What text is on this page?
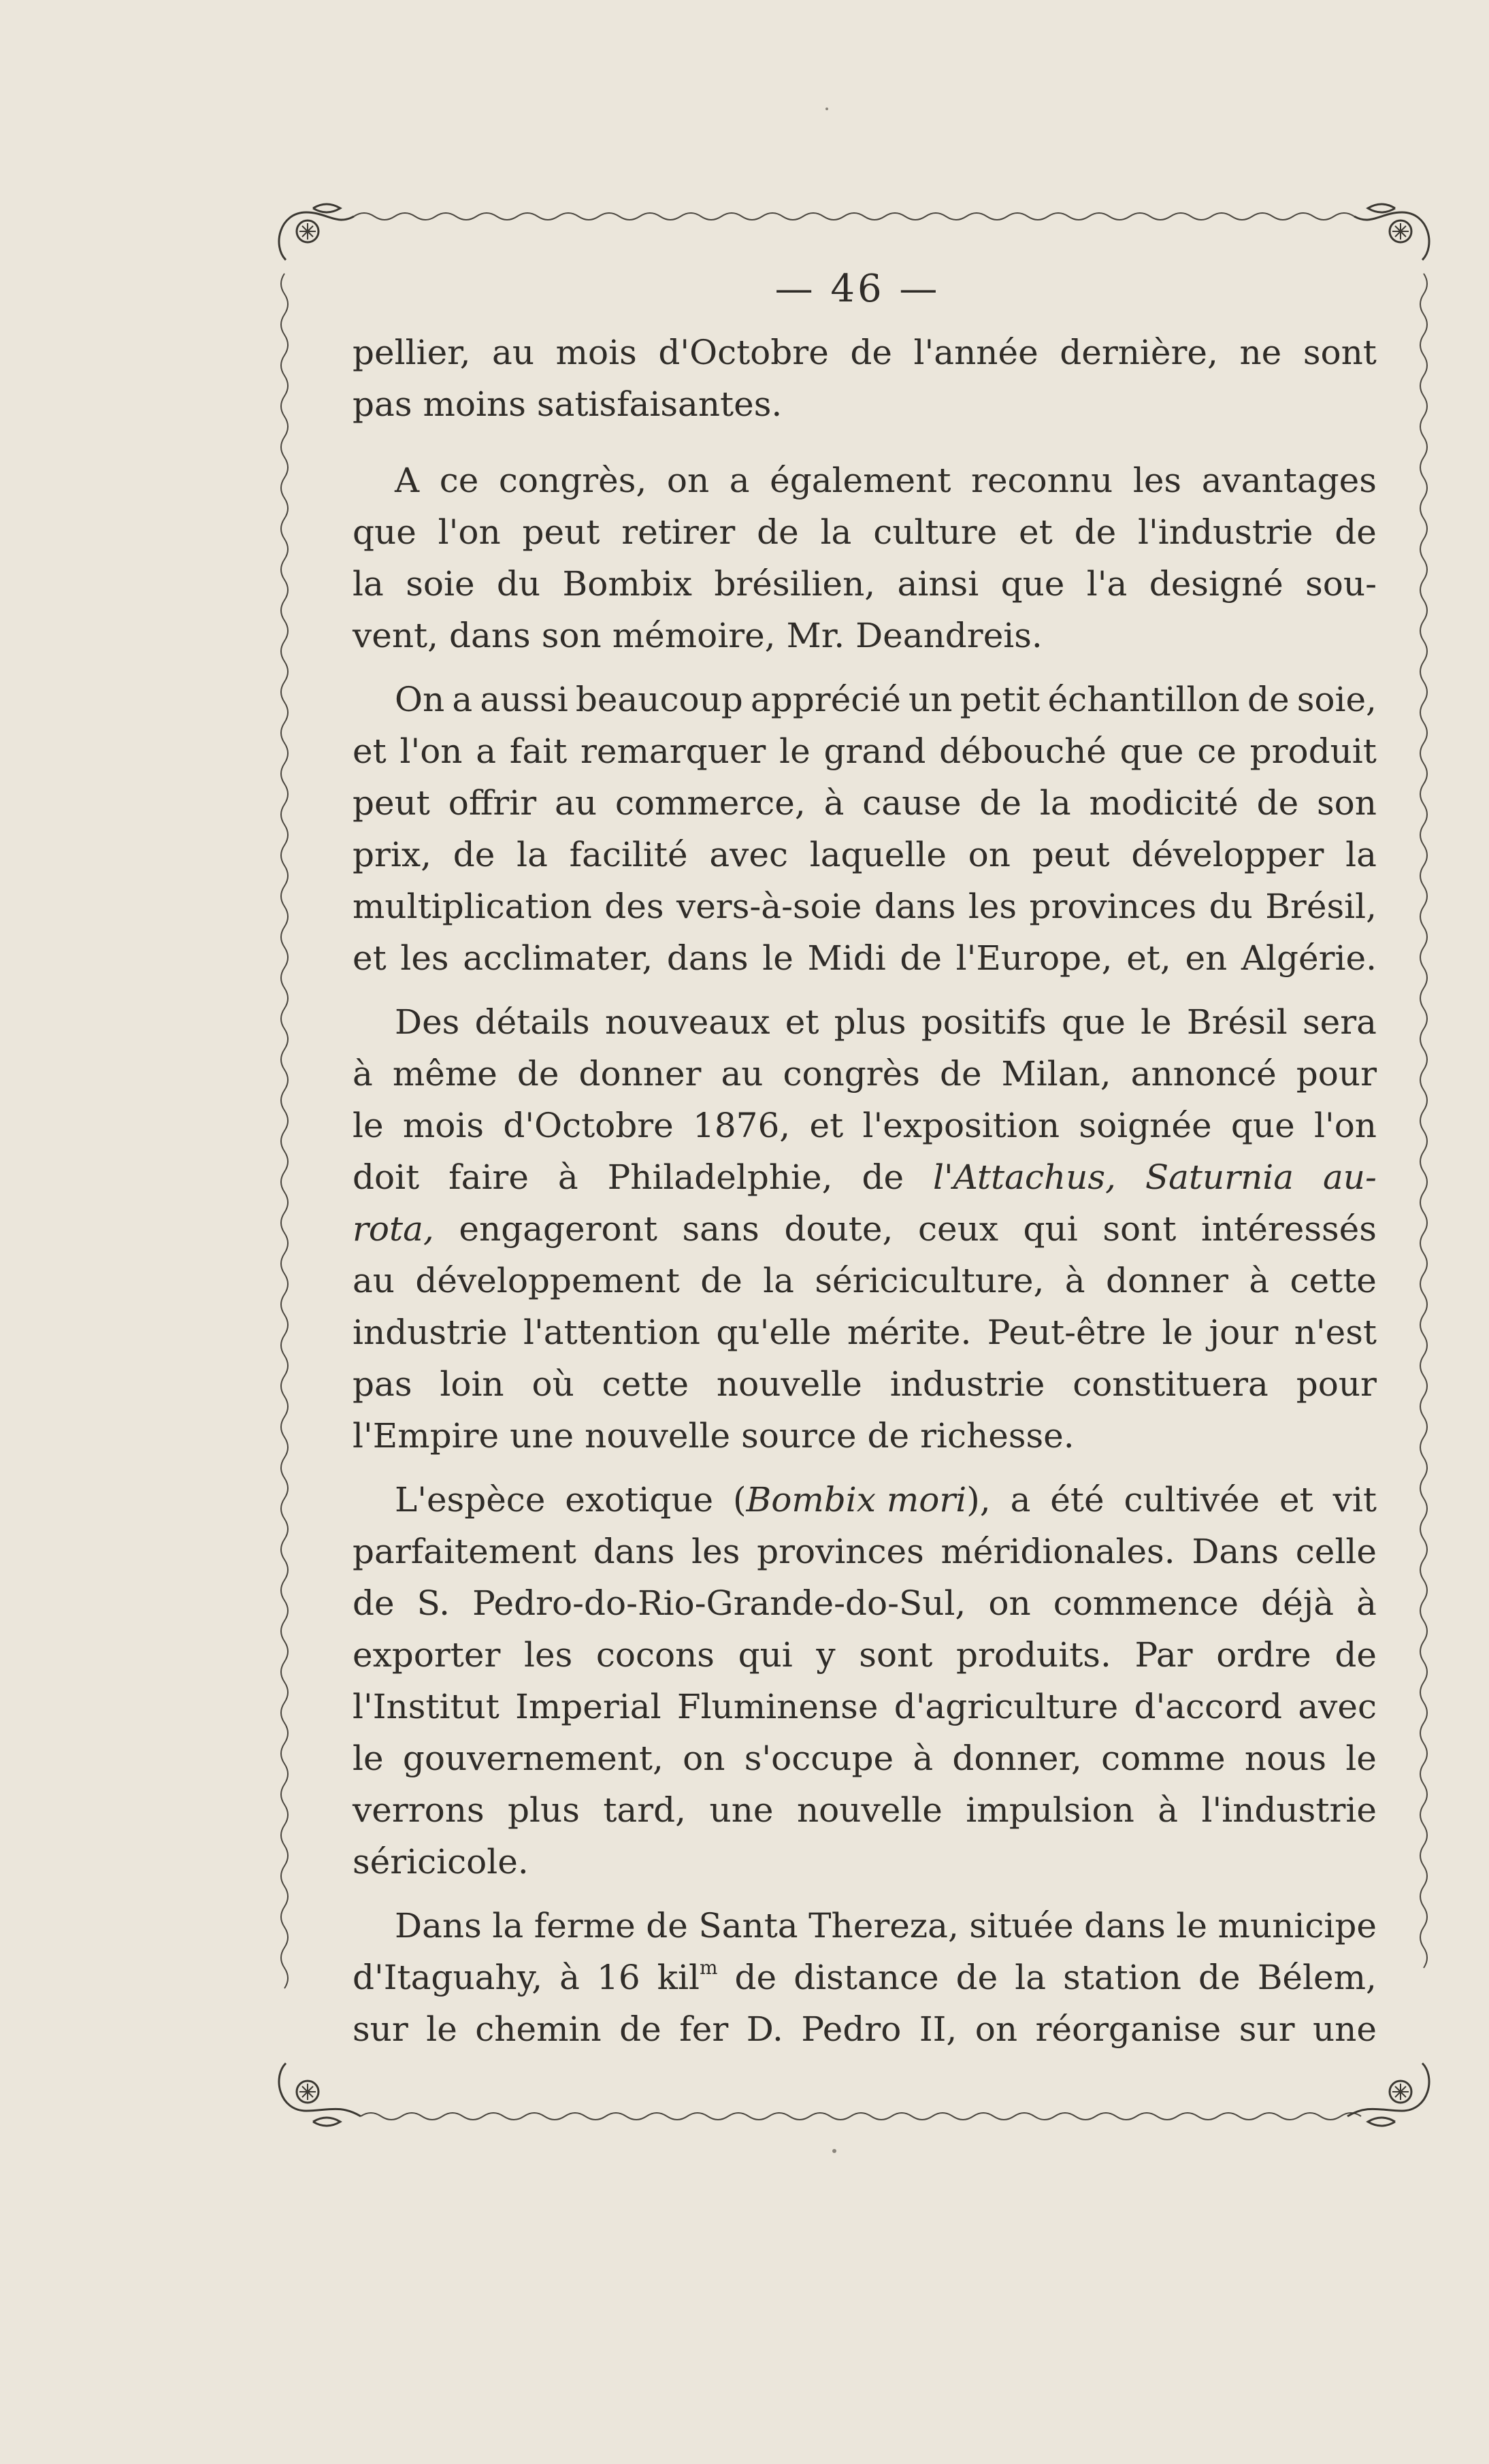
— 46 —
pellier, au mois d'Octobre de l'année dernière, ne sont
pas moins satisfaisantes.
A ce congrès, on a également reconnu les avantages
que l'on peut retirer de la culture et de l'industrie de
la soie du Bombix brésilien, ainsi que l'a designé sou-
vent, dans son mémoire, Mr. Deandreis.
On a aussi beaucoup apprécié un petit échantillon de soie,
et l'on a fait remarquer le grand débouché que ce produit
peut offrir au commerce, à cause de la modicité de son
prix, de la facilité avec laquelle on peut développer la
multiplication des vers-à-soie dans les provinces du Brésil,
et les acclimater, dans le Midi de l'Europe, et, en Algérie.
Des détails nouveaux et plus positifs que le Brésil sera
à même de donner au congrès de Milan, annoncé pour
le mois d'Octobre 1876, et l'exposition soignée que l'on
doit faire à Philadelphie, de l'Attachus, Saturnia au-
rota, engageront sans doute, ceux qui sont intéressés
au développement de la sériciculture, à donner à cette
industrie l'attention qu'elle mérite. Peut-être le jour n'est
pas loin où cette nouvelle industrie constituera pour
l'Empire une nouvelle source de richesse.
L'espèce exotique (Bombix mori), a été cultivée et vit
parfaitement dans les provinces méridionales. Dans celle
de S. Pedro-do-Rio-Grande-do-Sul, on commence déjà à
exporter les cocons qui y sont produits. Par ordre de
l'Institut Imperial Fluminense d'agriculture d'accord avec
le gouvernement, on s'occupe à donner, comme nous le
verrons plus tard, une nouvelle impulsion à l'industrie
séricicole.
Dans la ferme de Santa Thereza, située dans le municipe
d'Itaguahy, à 16 kil$^m$ de distance de la station de Bélem,
sur le chemin de fer D. Pedro II, on réorganise sur une
